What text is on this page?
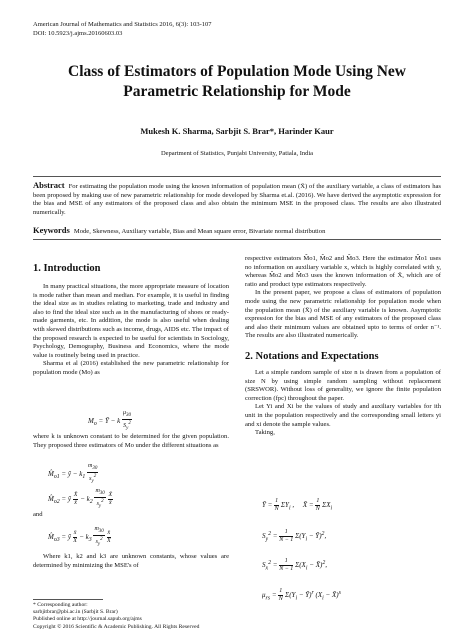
American Journal of Mathematics and Statistics 2016, 6(3): 103-107
DOI: 10.5923/j.ajms.20160603.03
Class of Estimators of Population Mode Using New
Parametric Relationship for Mode
Mukesh K. Sharma, Sarbjit S. Brar*, Harinder Kaur
Department of Statistics, Punjabi University, Patiala, India
Abstract For estimating the population mode using the known information of population mean (X̄) of the auxiliary variable, a class of estimators has been proposed by making use of new parametric relationship for mode developed by Sharma et.al. (2016). We have derived the asymptotic expression for the bias and MSE of any estimators of the proposed class and also obtain the minimum MSE in the proposed class. The results are also illustrated numerically.
Keywords Mode, Skewness, Auxiliary variable, Bias and Mean square error, Bivariate normal distribution

1. Introduction

In many practical situations, the more appropriate measure of location is mode rather than mean and median. For example, it is useful in finding the ideal size as in studies relating to marketing, trade and industry and also to find the ideal size such as in the manufacturing of shoes or ready-made garments, etc. In addition, the mode is also useful when dealing with skewed distributions such as income, drugs, AIDS etc. The impact of the proposed research is expected to be useful for scientists in Sociology, Psychology, Demography, Business and Economics, where the mode value is routinely being used in practice.

Sharma et al (2016) established the new parametric relationship for population mode (Mo) as

$M_o$ = Ȳ − k $\frac{\mu_{30}}{S_y^2}$

where k is unknown constant to be determined for the given population. They proposed three estimators of Mo under the different situations as

$M̂_{o1}$ = ȳ − $k_1 \frac{m_{30}}{s_y^2}$
$M̂_{o2}$ = ȳ $\frac{X̄}{x̄} - k_2 \frac{m_{30}}{s_y^2}$
$\frac{X̄}{x̄}$

and

$M̂_{o3}$ = ȳ $\frac{x̄}{X̄} - k_3 \frac{m_{30}}{s_y^2}$
$\frac{x̄}{X̄}$

Where k1, k2 and k3 are unknown constants, whose values are determined by minimizing the MSE's of

respective estimators M̂o1, M̂o2 and M̂o3. Here the estimator M̂o1 uses no information on auxiliary variable x, which is highly correlated with y, whereas M̂o2 and M̂o3 uses the known information of X̄, which are of ratio and product type estimators respectively.

In the present paper, we propose a class of estimators of population mode using the new parametric relationship for population mode when the population mean (X̄) of the auxiliary variable is known. Asymptotic expression for the bias and MSE of any estimators of the proposed class and also their minimum values are obtained upto to terms of order n⁻¹. The results are also illustrated numerically.

2. Notations and Expectations

Let a simple random sample of size n is drawn from a population of size N by using simple random sampling without replacement (SRSWOR). Without loss of generality, we ignore the finite population correction (fpc) throughout the paper.

Let Yi and Xi be the values of study and auxiliary variables for ith unit in the population respectively and the corresponding small letters yi and xi denote the sample values.

Taking,

Ȳ = $\frac{1}{N} \Sigma Y_i$ ,     X̄ = $\frac{1}{N} \Sigma X_i$
$S_y^2 = \frac{1}{N - 1} \Sigma(Y_i$ − Ȳ)$^2$,
$S_x^2 = \frac{1}{N - 1} \Sigma(X_i$ − X̄)$^2$,
$\mu_{rs} = \frac{1}{N} \Sigma(Y_i$ − Ȳ)$^r$ ($X_i$ − X̄)$^s$
* Corresponding author:
sarbjitbrar@pbi.ac.in (Sarbjit S. Brar)
Published online at http://journal.sapub.org/ajms
Copyright © 2016 Scientific & Academic Publishing. All Rights Reserved
